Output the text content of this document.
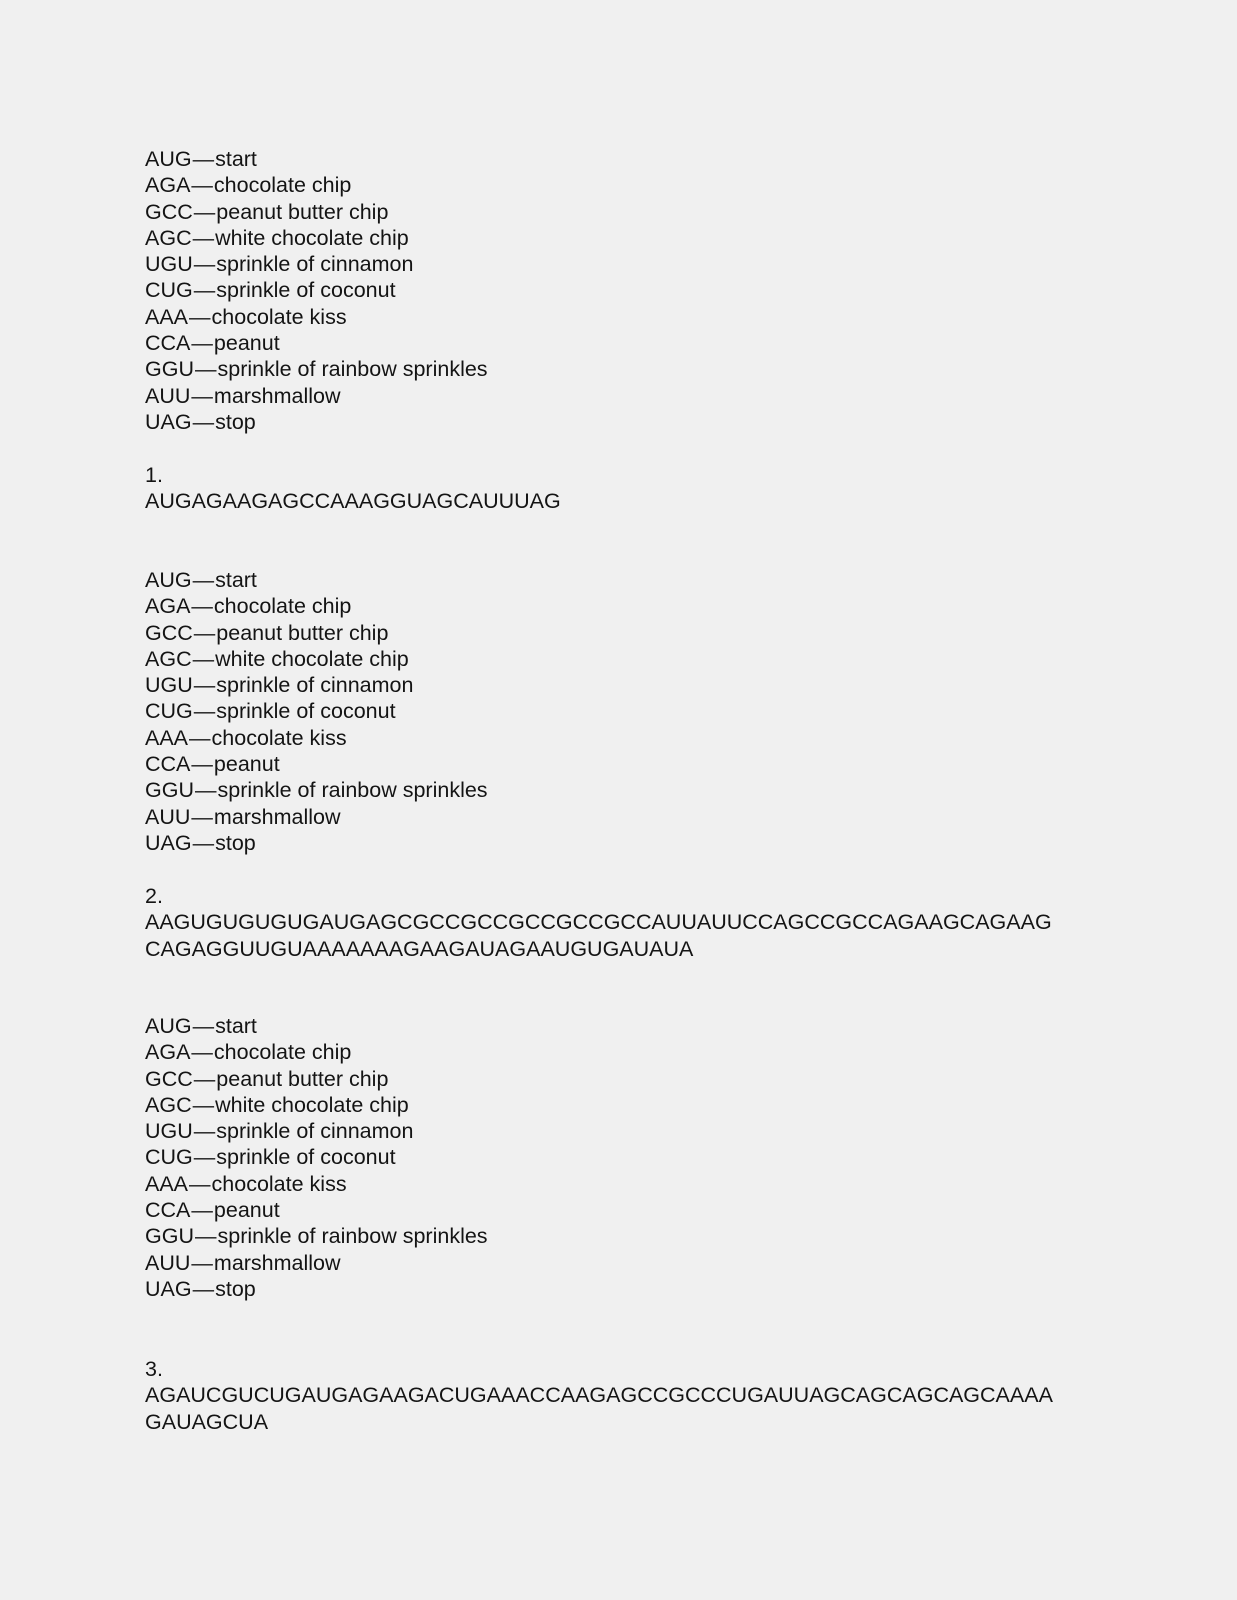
AUG—start
AGA—chocolate chip
GCC—peanut butter chip
AGC—white chocolate chip
UGU—sprinkle of cinnamon
CUG—sprinkle of coconut
AAA—chocolate kiss
CCA—peanut
GGU—sprinkle of rainbow sprinkles
AUU—marshmallow
UAG—stop
1.
AUGAGAAGAGCCAAAGGUAGCAUUUAG
AUG—start
AGA—chocolate chip
GCC—peanut butter chip
AGC—white chocolate chip
UGU—sprinkle of cinnamon
CUG—sprinkle of coconut
AAA—chocolate kiss
CCA—peanut
GGU—sprinkle of rainbow sprinkles
AUU—marshmallow
UAG—stop
2.
AAGUGUGUGUGAUGAGCGCCGCCGCCGCCGCCAUUAUUCCAGCCGCCAGAAGCAGAAG
CAGAGGUUGUAAAAAAAGAAGAUAGAAUGUGAUAUA
AUG—start
AGA—chocolate chip
GCC—peanut butter chip
AGC—white chocolate chip
UGU—sprinkle of cinnamon
CUG—sprinkle of coconut
AAA—chocolate kiss
CCA—peanut
GGU—sprinkle of rainbow sprinkles
AUU—marshmallow
UAG—stop
3.
AGAUCGUCUGAUGAGAAGACUGAAACCAAGAGCCGCCCUGAUUAGCAGCAGCAGCAAAA
GAUAGCUA
